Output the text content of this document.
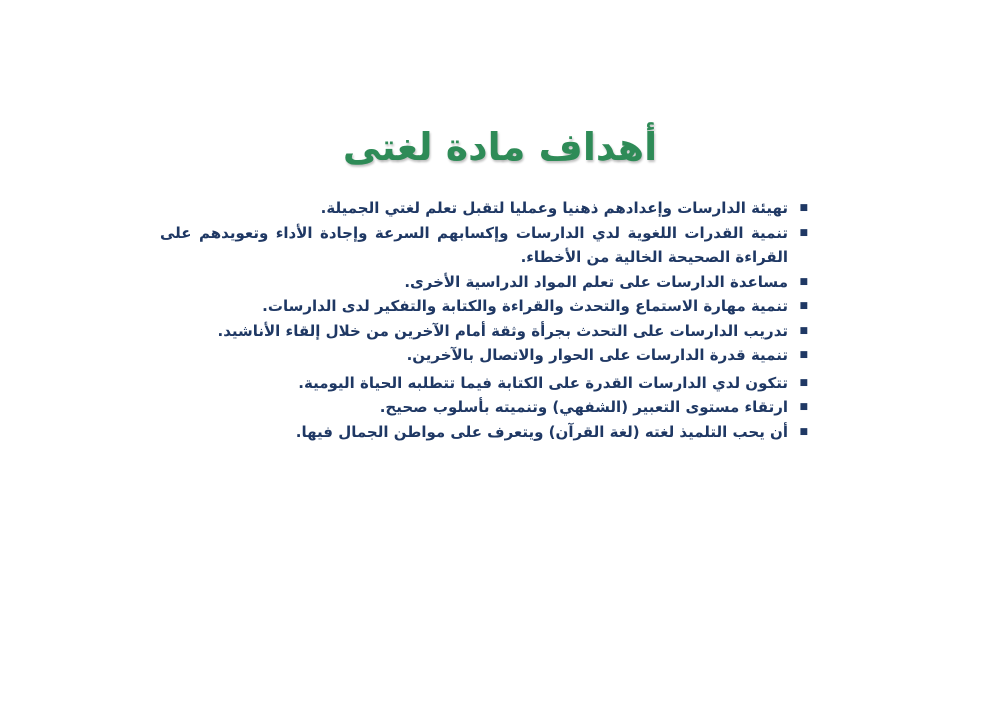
أهداف مادة لغتى
■
تهيئة الدارسات وإعدادهم ذهنيا وعمليا لتقبل تعلم لغتي الجميلة.
■
تنمية القدرات اللغوية لدي الدارسات وإكسابهم السرعة وإجادة الأداء وتعويدهم على القراءة الصحيحة الخالية من الأخطاء.
■
مساعدة الدارسات على تعلم المواد الدراسية الأخرى.
■
تنمية مهارة الاستماع والتحدث والقراءة والكتابة والتفكير لدى الدارسات.
■
تدريب الدارسات على التحدث بجرأة وثقة أمام الآخرين من خلال إلقاء الأناشيد.
■
تنمية قدرة الدارسات على الحوار والاتصال بالآخرين.
■
تتكون لدي الدارسات القدرة على الكتابة فيما تتطلبه الحياة اليومية.
■
ارتقاء مستوى التعبير (الشفهي) وتنميته بأسلوب صحيح.
■
أن يحب التلميذ لغته (لغة القرآن) ويتعرف على مواطن الجمال فيها.
